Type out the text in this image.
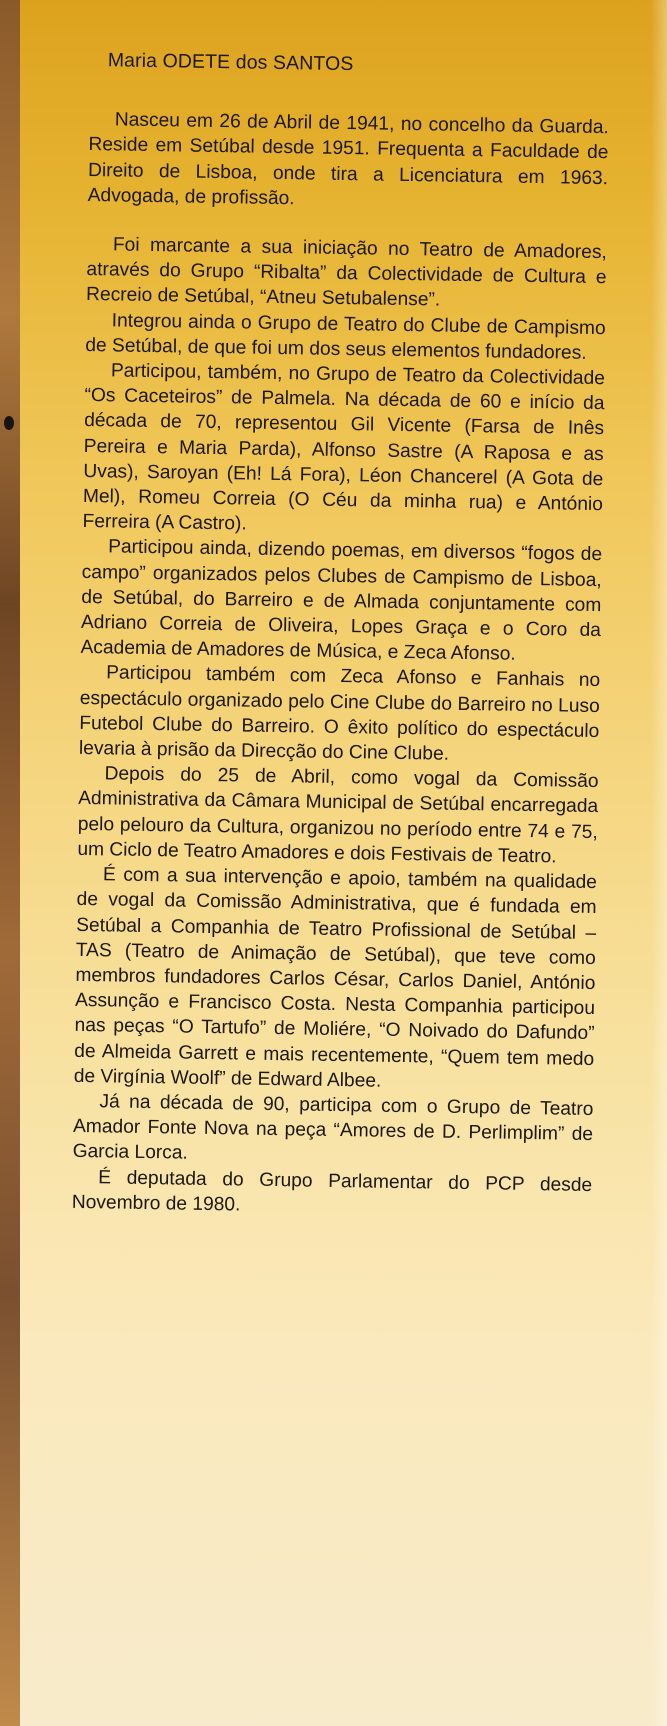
Maria ODETE dos SANTOS

Nasceu em 26 de Abril de 1941, no concelho da Guarda. Reside em Setúbal desde 1951. Frequenta a Faculdade de Direito de Lisboa, onde tira a Licenciatura em 1963. Advogada, de profissão.

Foi marcante a sua iniciação no Teatro de Amadores, através do Grupo “Ribalta” da Colectividade de Cultura e Recreio de Setúbal, “Atneu Setubalense”.

Integrou ainda o Grupo de Teatro do Clube de Campismo de Setúbal, de que foi um dos seus elementos fundadores.

Participou, também, no Grupo de Teatro da Colectividade “Os Caceteiros” de Palmela. Na década de 60 e início da década de 70, representou Gil Vicente (Farsa de Inês Pereira e Maria Parda), Alfonso Sastre (A Raposa e as Uvas), Saroyan (Eh! Lá Fora), Léon Chancerel (A Gota de Mel), Romeu Correia (O Céu da minha rua) e António Ferreira (A Castro).

Participou ainda, dizendo poemas, em diversos “fogos de campo” organizados pelos Clubes de Campismo de Lisboa, de Setúbal, do Barreiro e de Almada conjuntamente com Adriano Correia de Oliveira, Lopes Graça e o Coro da Academia de Amadores de Música, e Zeca Afonso.

Participou também com Zeca Afonso e Fanhais no espectáculo organizado pelo Cine Clube do Barreiro no Luso Futebol Clube do Barreiro. O êxito político do espectáculo levaria à prisão da Direcção do Cine Clube.

Depois do 25 de Abril, como vogal da Comissão Administrativa da Câmara Municipal de Setúbal encarregada pelo pelouro da Cultura, organizou no período entre 74 e 75, um Ciclo de Teatro Amadores e dois Festivais de Teatro.

É com a sua intervenção e apoio, também na qualidade de vogal da Comissão Administrativa, que é fundada em Setúbal a Companhia de Teatro Profissional de Setúbal – TAS (Teatro de Animação de Setúbal), que teve como membros fundadores Carlos César, Carlos Daniel, António Assunção e Francisco Costa. Nesta Companhia participou nas peças “O Tartufo” de Moliére, “O Noivado do Dafundo” de Almeida Garrett e mais recentemente, “Quem tem medo de Virgínia Woolf” de Edward Albee.

Já na década de 90, participa com o Grupo de Teatro Amador Fonte Nova na peça “Amores de D. Perlimplim” de Garcia Lorca.

É deputada do Grupo Parlamentar do PCP desde Novembro de 1980.
